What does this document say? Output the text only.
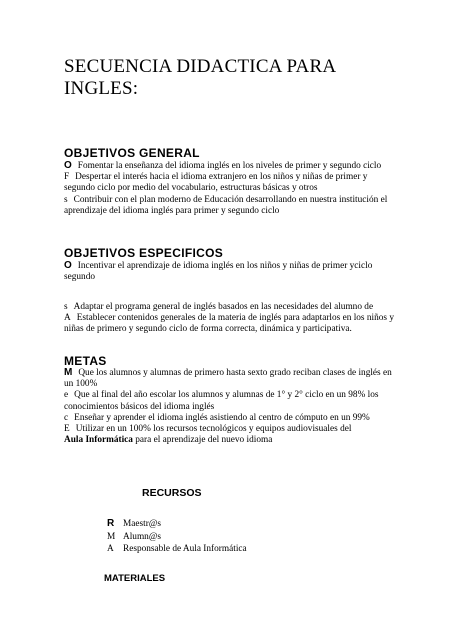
SECUENCIA DIDACTICA PARA INGLES:
OBJETIVOS GENERAL
O Fomentar la enseñanza del idioma inglés en los niveles de primer y segundo ciclo
F Despertar el interés hacia el idioma extranjero en los niños y niñas de primer y segundo ciclo por medio del vocabulario, estructuras básicas y otros
s Contribuir con el plan moderno de Educación desarrollando en nuestra institución el aprendizaje del idioma inglés para primer y segundo ciclo
OBJETIVOS ESPECIFICOS
O Incentivar el aprendizaje de idioma inglés en los niños y niñas de primer yciclo segundo
s Adaptar el programa general de inglés basados en las necesidades del alumno de
A Establecer contenidos generales de la materia de inglés para adaptarlos en los niños y niñas de primero y segundo ciclo de forma correcta, dinámica y participativa.
METAS
M Que los alumnos y alumnas de primero hasta sexto grado reciban clases de inglés en un 100%
e Que al final del año escolar los alumnos y alumnas de 1° y 2° ciclo en un 98% los conocimientos básicos del idioma inglés
c Enseñar y aprender el idioma inglés asistiendo al centro de cómputo en un 99%
E Utilizar en un 100% los recursos tecnológicos y equipos audiovisuales del
Aula Informática para el aprendizaje del nuevo idioma
RECURSOS
R Maestr@s
M Alumn@s
A Responsable de Aula Informática
MATERIALES
